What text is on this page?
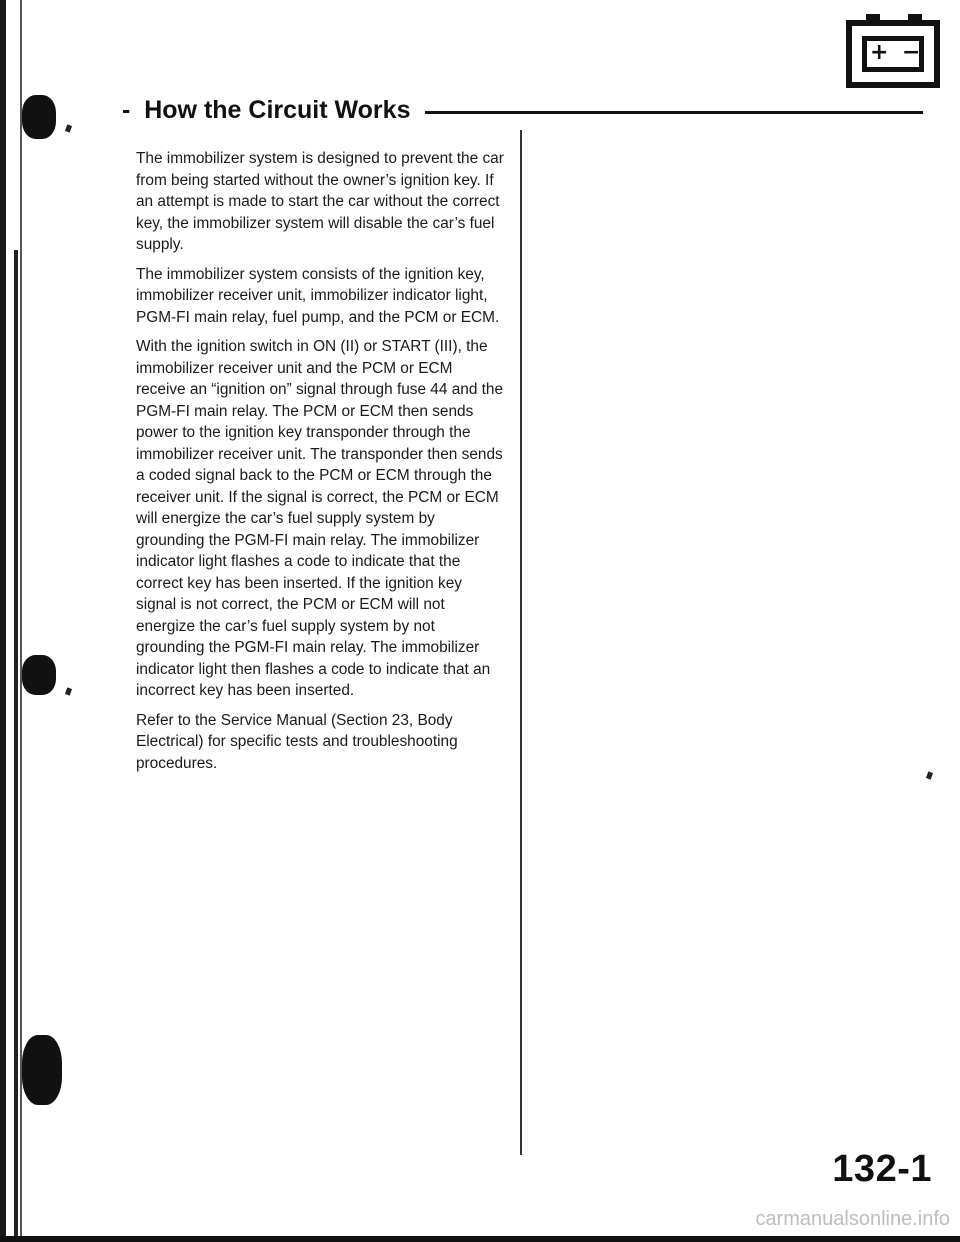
+ −
- How the Circuit Works

The immobilizer system is designed to prevent the car from being started without the owner’s ignition key. If an attempt is made to start the car without the correct key, the immobilizer system will disable the car’s fuel supply.

The immobilizer system consists of the ignition key, immobilizer receiver unit, immobilizer indicator light, PGM-FI main relay, fuel pump, and the PCM or ECM.

With the ignition switch in ON (II) or START (III), the immobilizer receiver unit and the PCM or ECM receive an “ignition on” signal through fuse 44 and the PGM-FI main relay. The PCM or ECM then sends power to the ignition key transponder through the immobilizer receiver unit. The transponder then sends a coded signal back to the PCM or ECM through the receiver unit. If the signal is correct, the PCM or ECM will energize the car’s fuel supply system by grounding the PGM-FI main relay. The immobilizer indicator light flashes a code to indicate that the correct key has been inserted. If the ignition key signal is not correct, the PCM or ECM will not energize the car’s fuel supply system by not grounding the PGM-FI main relay. The immobilizer indicator light then flashes a code to indicate that an incorrect key has been inserted.

Refer to the Service Manual (Section 23, Body Electrical) for specific tests and troubleshooting procedures.

132-1
carmanualsonline.info
